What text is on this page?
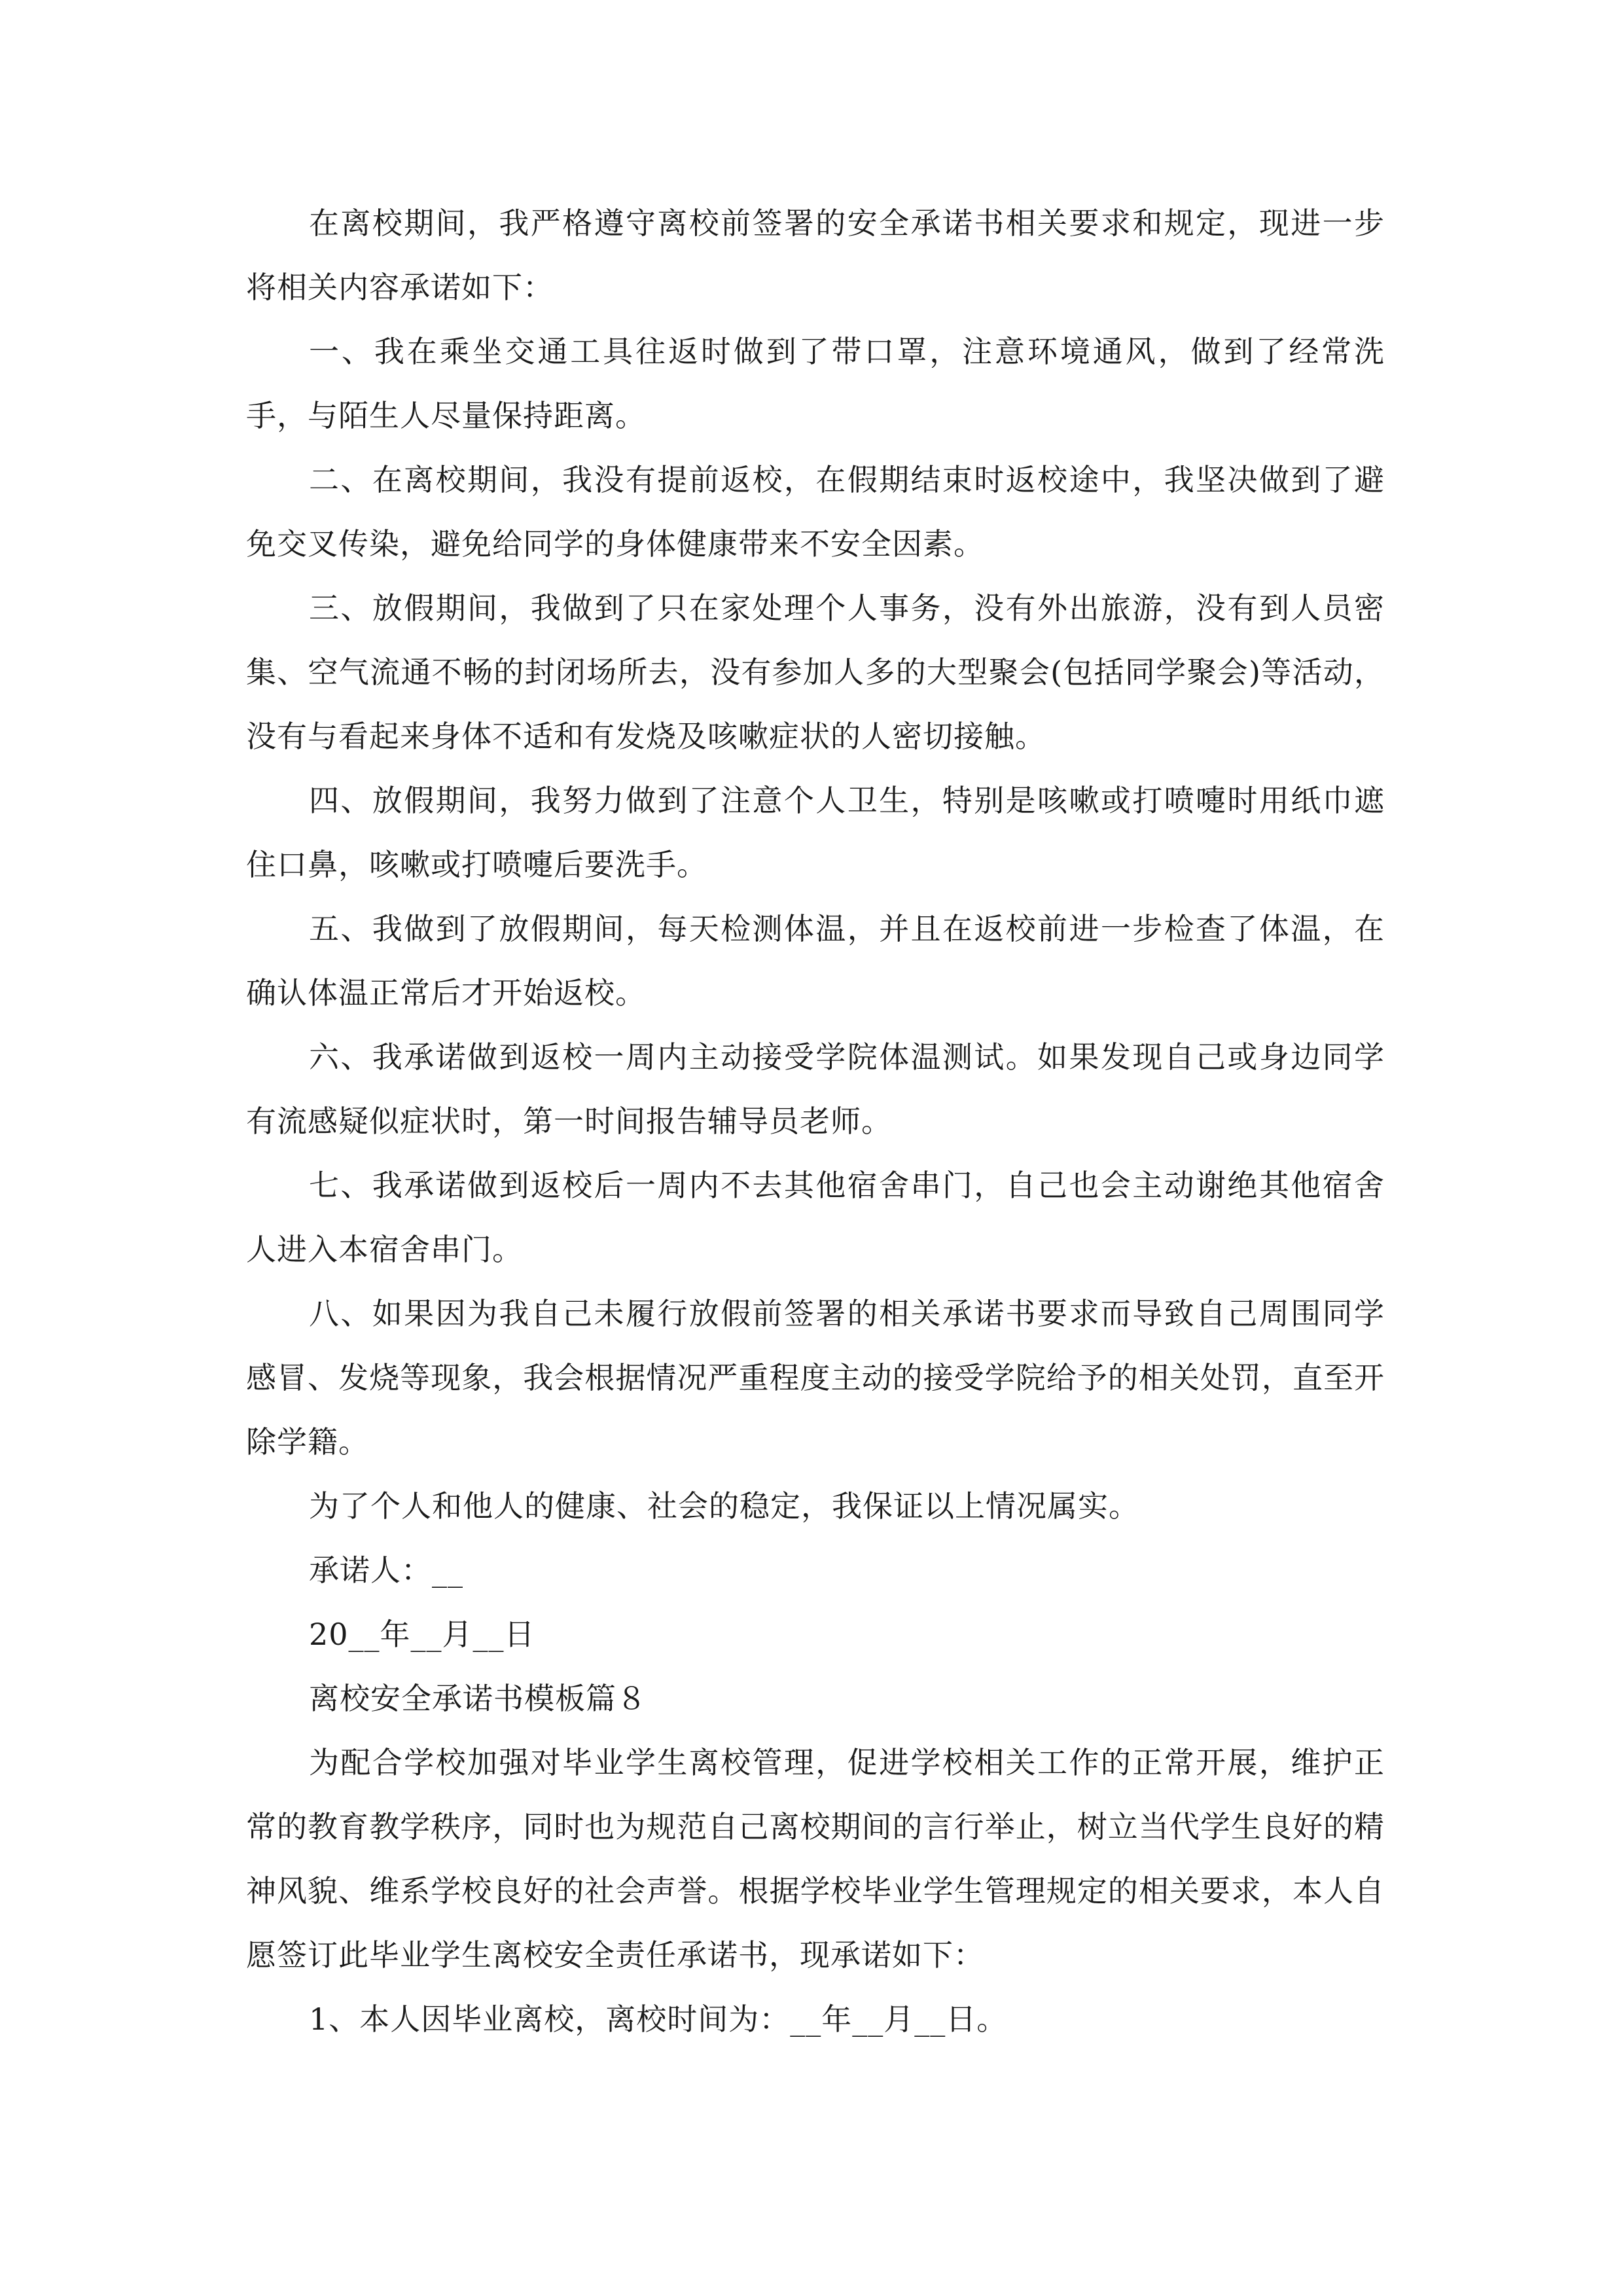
在离校期间，我严格遵守离校前签署的安全承诺书相关要求和规定，现进一步将相关内容承诺如下：

一、我在乘坐交通工具往返时做到了带口罩，注意环境通风，做到了经常洗手，与陌生人尽量保持距离。

二、在离校期间，我没有提前返校，在假期结束时返校途中，我坚决做到了避免交叉传染，避免给同学的身体健康带来不安全因素。

三、放假期间，我做到了只在家处理个人事务，没有外出旅游，没有到人员密集、空气流通不畅的封闭场所去，没有参加人多的大型聚会(包括同学聚会)等活动，没有与看起来身体不适和有发烧及咳嗽症状的人密切接触。

四、放假期间，我努力做到了注意个人卫生，特别是咳嗽或打喷嚏时用纸巾遮住口鼻，咳嗽或打喷嚏后要洗手。

五、我做到了放假期间，每天检测体温，并且在返校前进一步检查了体温，在确认体温正常后才开始返校。

六、我承诺做到返校一周内主动接受学院体温测试。如果发现自己或身边同学有流感疑似症状时，第一时间报告辅导员老师。

七、我承诺做到返校后一周内不去其他宿舍串门，自己也会主动谢绝其他宿舍人进入本宿舍串门。

八、如果因为我自己未履行放假前签署的相关承诺书要求而导致自己周围同学感冒、发烧等现象，我会根据情况严重程度主动的接受学院给予的相关处罚，直至开除学籍。

为了个人和他人的健康、社会的稳定，我保证以上情况属实。

承诺人：__

20__年__月__日

离校安全承诺书模板篇８

为配合学校加强对毕业学生离校管理，促进学校相关工作的正常开展，维护正常的教育教学秩序，同时也为规范自己离校期间的言行举止，树立当代学生良好的精神风貌、维系学校良好的社会声誉。根据学校毕业学生管理规定的相关要求，本人自愿签订此毕业学生离校安全责任承诺书，现承诺如下：

1、本人因毕业离校，离校时间为：__年__月__日。
